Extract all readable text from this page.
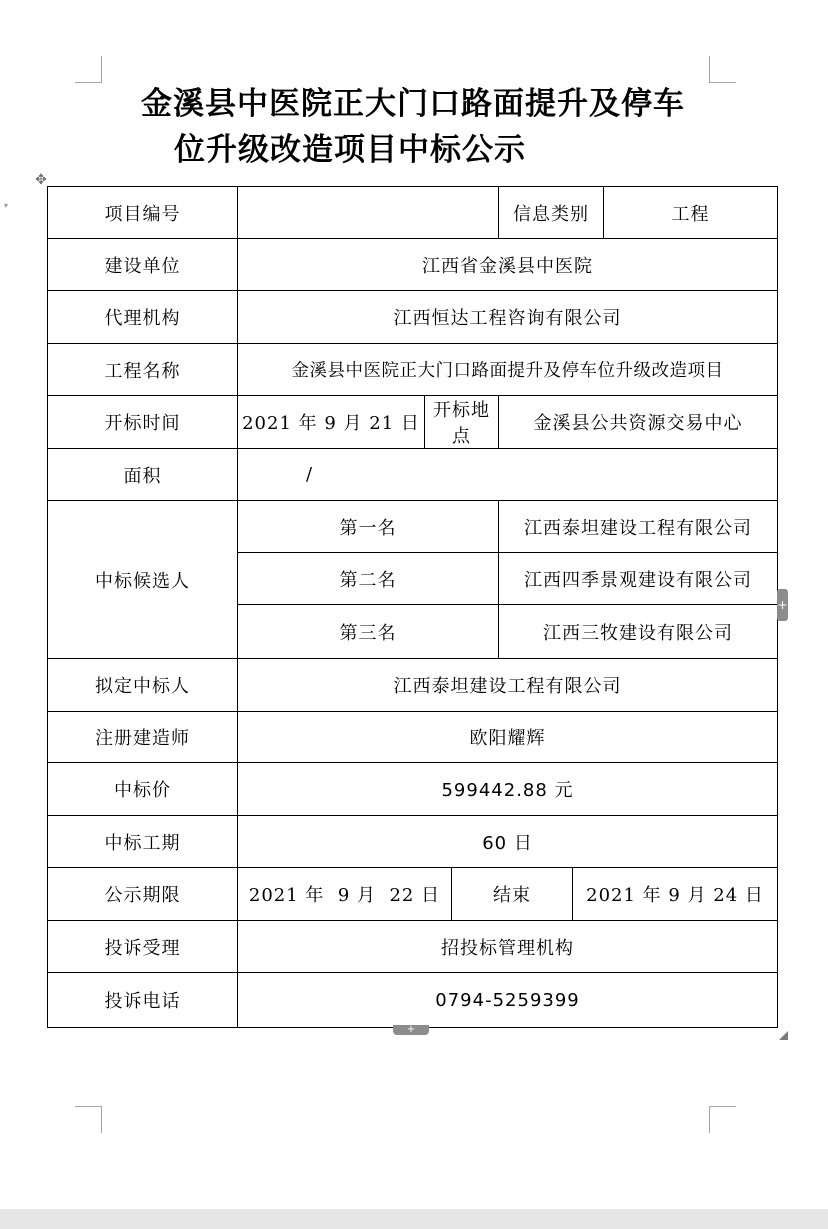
金溪县中医院正大门口路面提升及停车
位升级改造项目中标公示
✥
▾	项目编号				信息类别		工程
建设单位	江西省金溪县中医院					
代理机构	江西恒达工程咨询有限公司					
工程名称	金溪县中医院正大门口路面提升及停车位升级改造项目					
开标时间	2021 年 9 月 21 日	开标地点		金溪县公共资源交易中心		
面积	/					
中标候选人	第一名			江西泰坦建设工程有限公司		
	第二名			江西四季景观建设有限公司		
	第三名			江西三牧建设有限公司		
拟定中标人	江西泰坦建设工程有限公司					
注册建造师	欧阳耀辉					
中标价	599442.88 元					
中标工期	60 日					
公示期限	2021 年  9 月  22 日		结束		2021 年 9 月 24 日	
投诉受理	招投标管理机构					
投诉电话	0794-5259399					
+
+
